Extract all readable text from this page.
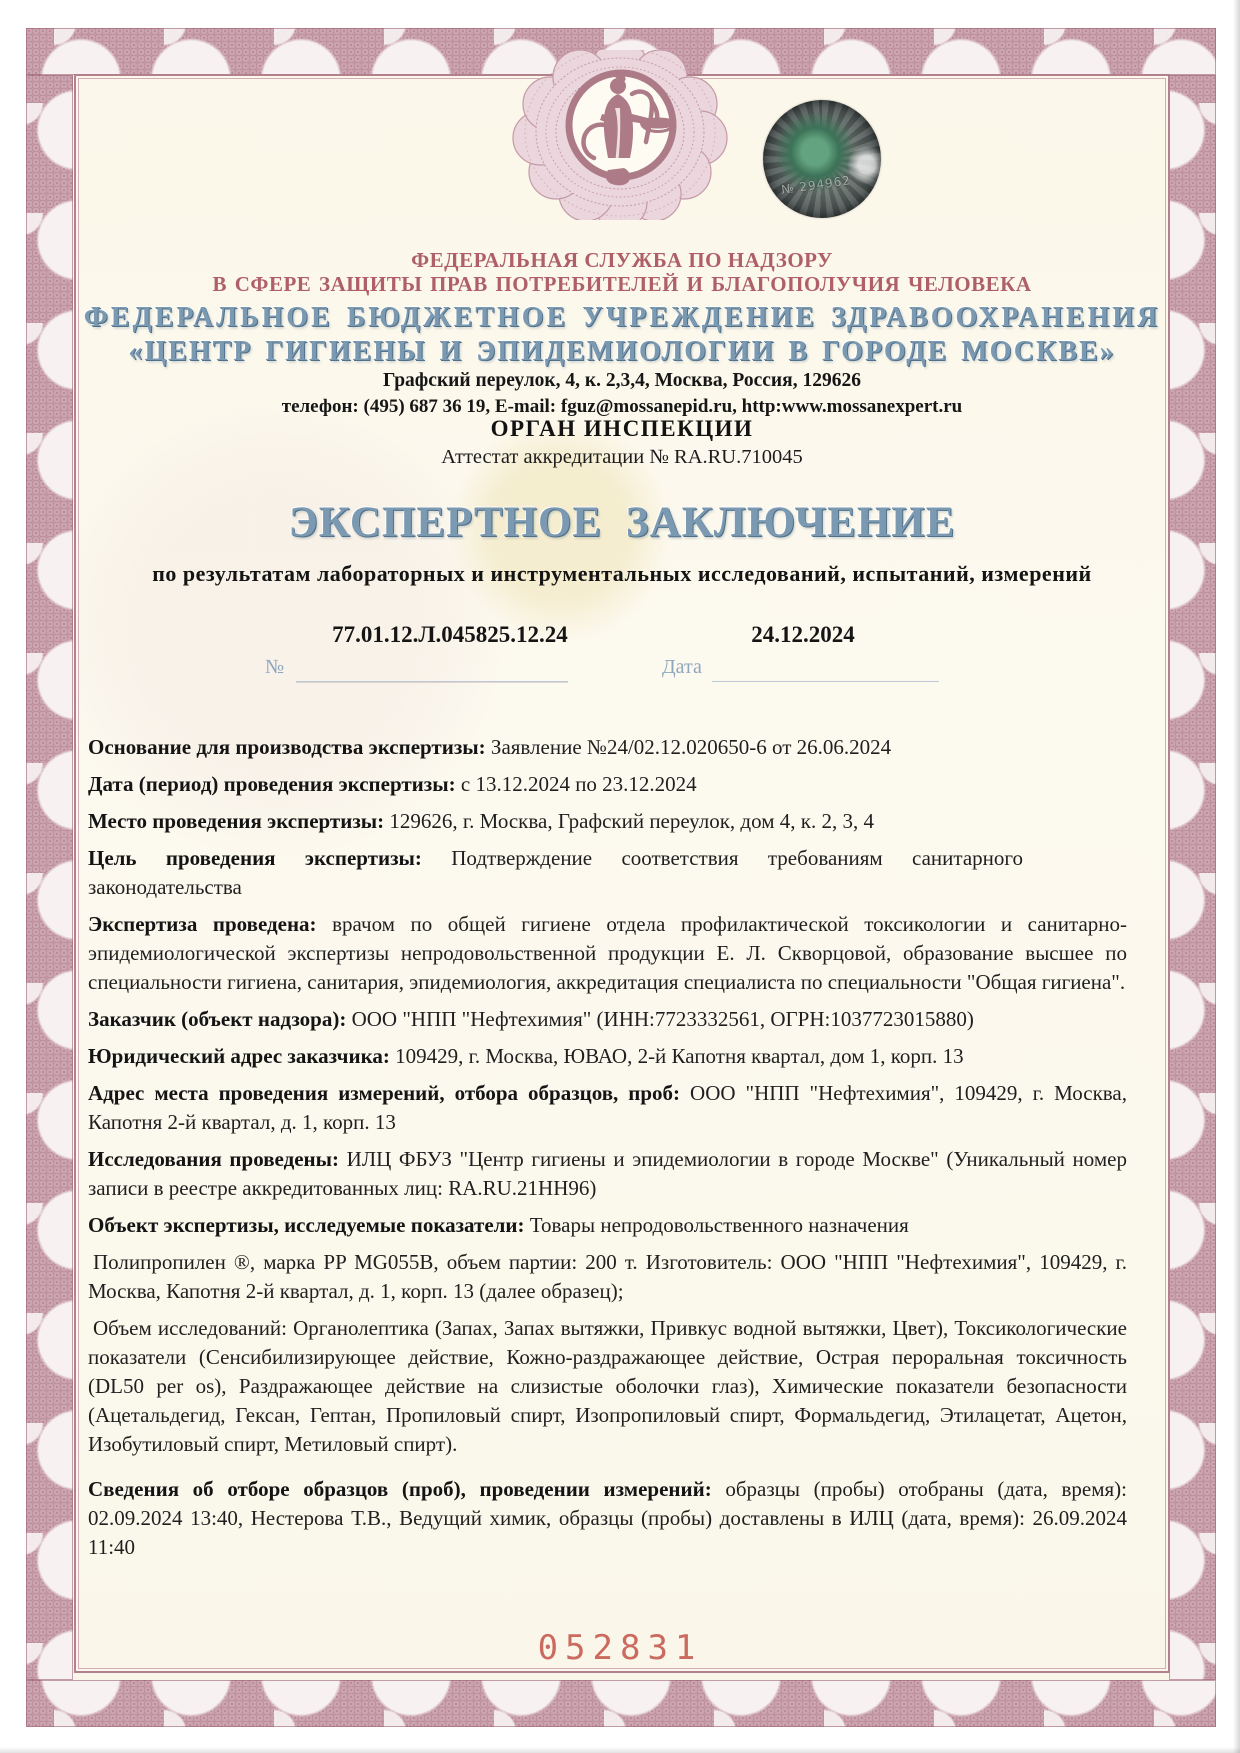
№ 294962
ФЕДЕРАЛЬНАЯ СЛУЖБА ПО НАДЗОРУ
В СФЕРЕ ЗАЩИТЫ ПРАВ ПОТРЕБИТЕЛЕЙ И БЛАГОПОЛУЧИЯ ЧЕЛОВЕКА
ФЕДЕРАЛЬНОЕ БЮДЖЕТНОЕ УЧРЕЖДЕНИЕ ЗДРАВООХРАНЕНИЯ
«ЦЕНТР ГИГИЕНЫ И ЭПИДЕМИОЛОГИИ В ГОРОДЕ МОСКВЕ»
Графский переулок, 4, к. 2,3,4, Москва, Россия, 129626
телефон: (495) 687 36 19, E-mail: fguz@mossanepid.ru, http:www.mossanexpert.ru
ОРГАН ИНСПЕКЦИИ
Аттестат аккредитации № RA.RU.710045
ЭКСПЕРТНОЕ ЗАКЛЮЧЕНИЕ
по результатам лабораторных и инструментальных исследований, испытаний, измерений
77.01.12.Л.045825.12.24	24.12.2024
№	Дата

Основание для производства экспертизы: Заявление №24/02.12.020650-6 от 26.06.2024

Дата (период) проведения экспертизы: с 13.12.2024 по 23.12.2024

Место проведения экспертизы: 129626, г. Москва, Графский переулок, дом 4, к. 2, 3, 4

Цель проведения экспертизы: Подтверждение соответствия требованиям санитарного законодательства

Экспертиза проведена: врачом по общей гигиене отдела профилактической токсикологии и санитарно-эпидемиологической экспертизы непродовольственной продукции Е. Л. Скворцовой, образование высшее по специальности гигиена, санитария, эпидемиология, аккредитация специалиста по специальности "Общая гигиена".

Заказчик (объект надзора): ООО "НПП "Нефтехимия" (ИНН:7723332561, ОГРН:1037723015880)

Юридический адрес заказчика: 109429, г. Москва, ЮВАО, 2-й Капотня квартал, дом 1, корп. 13

Адрес места проведения измерений, отбора образцов, проб: ООО "НПП "Нефтехимия", 109429, г. Москва, Капотня 2-й квартал, д. 1, корп. 13

Исследования проведены: ИЛЦ ФБУЗ "Центр гигиены и эпидемиологии в городе Москве" (Уникальный номер записи в реестре аккредитованных лиц: RA.RU.21НН96)

Объект экспертизы, исследуемые показатели: Товары непродовольственного назначения

Полипропилен ®, марка PP MG055B, объем партии: 200 т. Изготовитель: ООО "НПП "Нефтехимия", 109429, г. Москва, Капотня 2-й квартал, д. 1, корп. 13 (далее образец);

Объем исследований: Органолептика (Запах, Запах вытяжки, Привкус водной вытяжки, Цвет), Токсикологические показатели (Сенсибилизирующее действие, Кожно-раздражающее действие, Острая пероральная токсичность (DL50 per os), Раздражающее действие на слизистые оболочки глаз), Химические показатели безопасности (Ацетальдегид, Гексан, Гептан, Пропиловый спирт, Изопропиловый спирт, Формальдегид, Этилацетат, Ацетон, Изобутиловый спирт, Метиловый спирт).

Сведения об отборе образцов (проб), проведении измерений: образцы (пробы) отобраны (дата, время): 02.09.2024 13:40, Нестерова Т.В., Ведущий химик, образцы (пробы) доставлены в ИЛЦ (дата, время): 26.09.2024 11:40

052831
